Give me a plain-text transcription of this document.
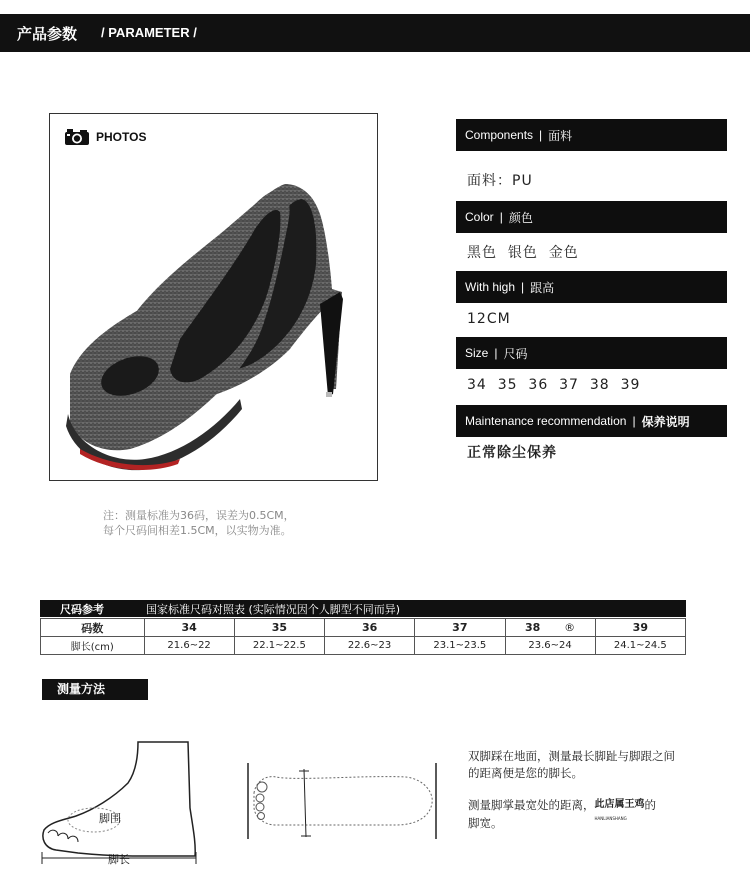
产品参数 / PARAMETER /
PHOTOS
注：测量标准为36码，误差为0.5CM，
每个尺码间相差1.5CM，以实物为准。
Components | 面料
面料：PU
Color | 颜色
黑色  银色  金色
With high | 跟高
12CM
Size | 尺码
34  35  36  37  38  39
Maintenance recommendation | 保养说明
正常除尘保养
尺码参考	国家标准尺码对照表 (实际情况因个人脚型不同而异)
码数	34	35	36	37	38 ®	39
脚长(cm)	21.6~22	22.1~22.5	22.6~23	23.1~23.5	23.6~24	24.1~24.5
测量方法
脚围
脚长
双脚踩在地面，测量最长脚趾与脚跟之间的距离便是您的脚长。
测量脚掌最宽处的距离，此店属王鸡
HANLIANSHANG
的
脚宽。
